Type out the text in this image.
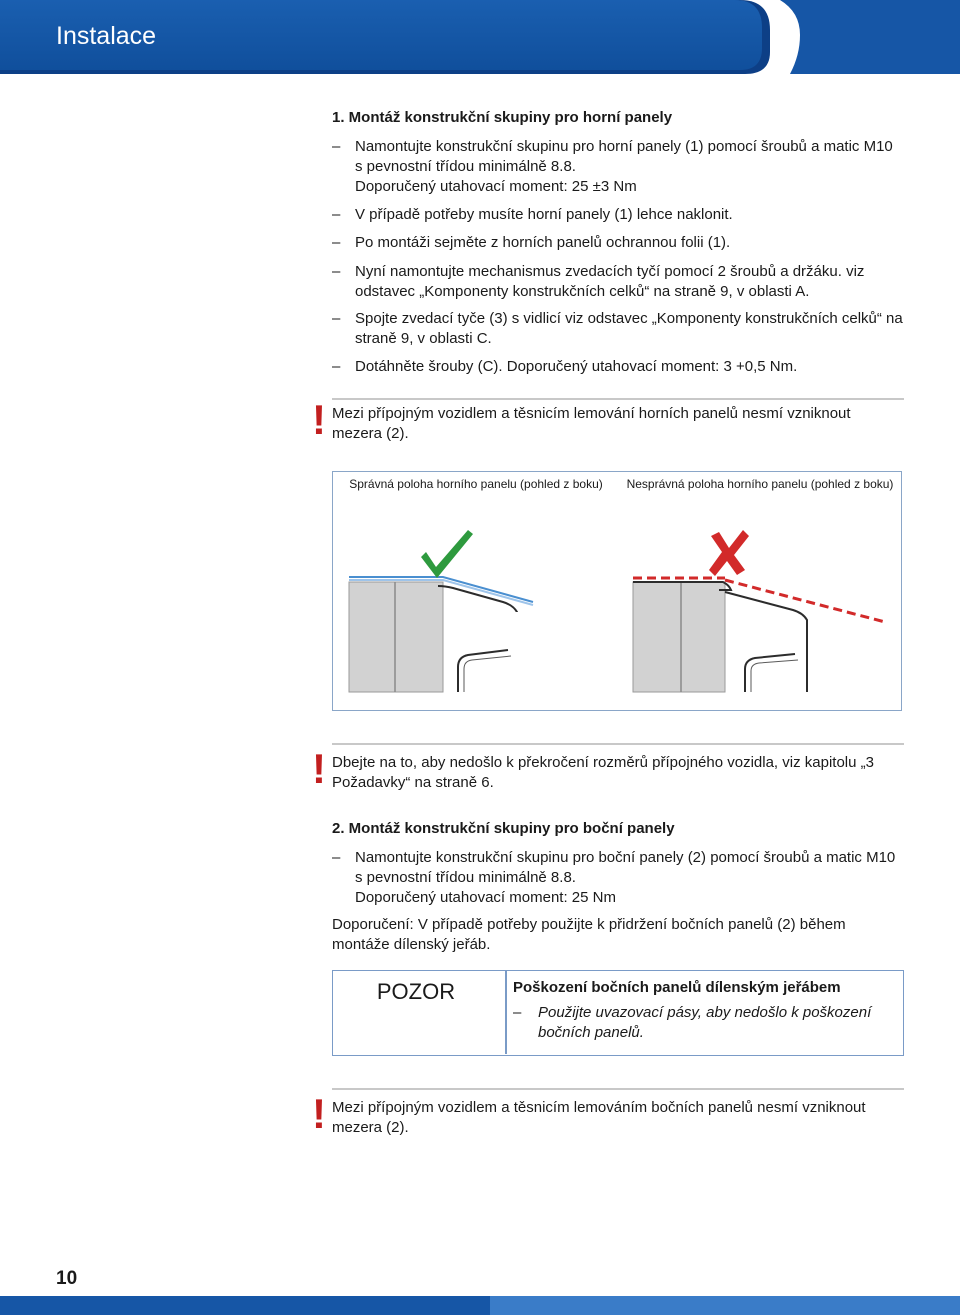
Instalace
1. Montáž konstrukční skupiny pro horní panely
– Namontujte konstrukční skupinu pro horní panely (1) pomocí šroubů a matic M10 s pevnostní třídou minimálně 8.8.
Doporučený utahovací moment: 25 ±3 Nm
– V případě potřeby musíte horní panely (1) lehce naklonit.
– Po montáži sejměte z horních panelů ochrannou folii (1).
– Nyní namontujte mechanismus zvedacích tyčí pomocí 2 šroubů a držáku. viz odstavec „Komponenty konstrukčních celků“ na straně 9, v oblasti A.
– Spojte zvedací tyče (3) s vidlicí viz odstavec „Komponenty konstrukčních celků“ na straně 9, v oblasti C.
– Dotáhněte šrouby (C). Doporučený utahovací moment: 3 +0,5 Nm.
! Mezi přípojným vozidlem a těsnicím lemování horních panelů nesmí vzniknout mezera (2).
Správná poloha horního panelu (pohled z boku)	Nesprávná poloha horního panelu (pohled z boku)
! Dbejte na to, aby nedošlo k překročení rozměrů přípojného vozidla, viz kapitolu „3 Požadavky“ na straně 6.
2. Montáž konstrukční skupiny pro boční panely
– Namontujte konstrukční skupinu pro boční panely (2) pomocí šroubů a matic M10 s pevnostní třídou minimálně 8.8.
Doporučený utahovací moment: 25 Nm
Doporučení: V případě potřeby použijte k přidržení bočních panelů (2) během montáže dílenský jeřáb.
POZOR	Poškození bočních panelů dílenským jeřábem
– Použijte uvazovací pásy, aby nedošlo k poškození bočních panelů.
! Mezi přípojným vozidlem a těsnicím lemováním bočních panelů nesmí vzniknout mezera (2).
10
